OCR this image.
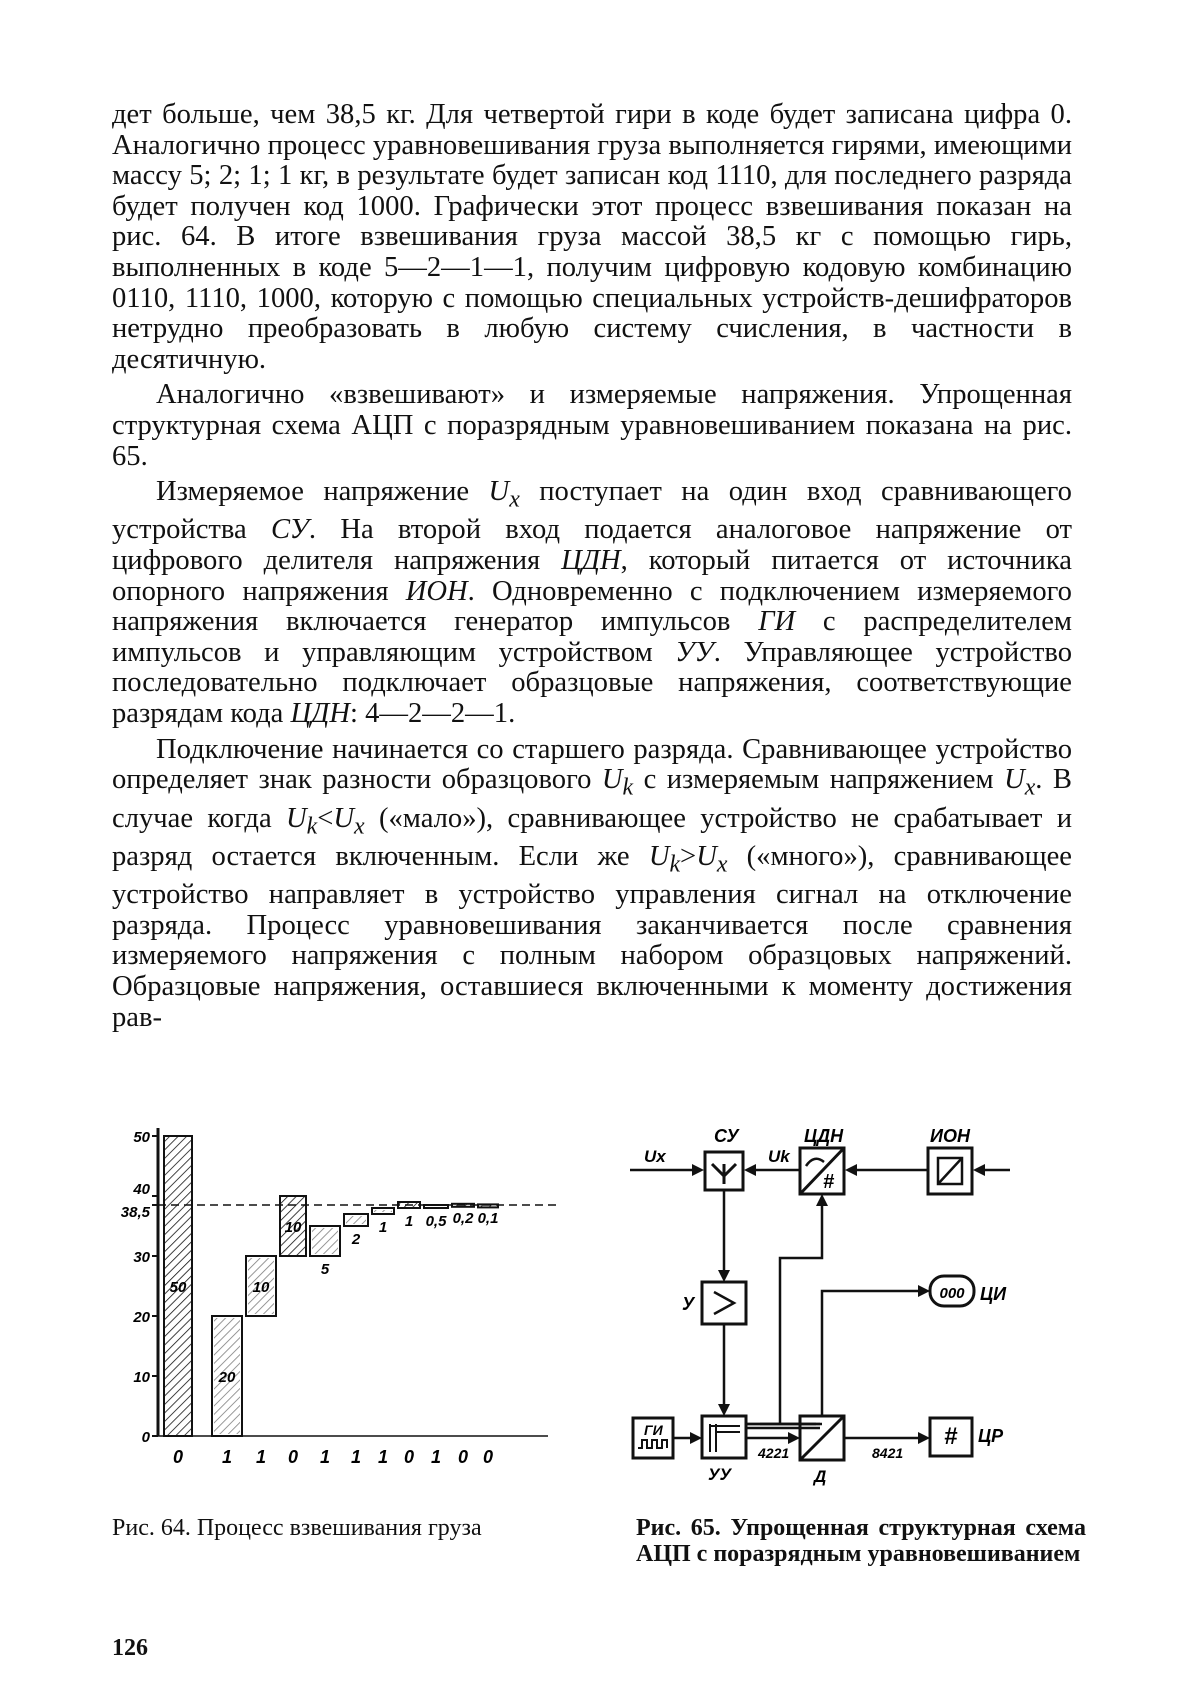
дет больше, чем 38,5 кг. Для четвертой гири в коде будет записана цифра 0. Аналогично процесс уравновешивания груза выполняется гирями, имеющими массу 5; 2; 1; 1 кг, в результате будет записан код 1110, для последнего разряда будет получен код 1000. Графически этот процесс взвешивания показан на рис. 64. В итоге взвешивания груза массой 38,5 кг с помощью гирь, выполненных в коде 5—2—1—1, получим цифровую кодовую комбинацию 0110, 1110, 1000, которую с помощью специальных устройств-дешифраторов нетрудно преобразовать в любую систему счисления, в частности в десятичную.

Аналогично «взвешивают» и измеряемые напряжения. Упрощенная структурная схема АЦП с поразрядным уравновешиванием показана на рис. 65.

Измеряемое напряжение $U_x$ поступает на один вход сравнивающего устройства СУ. На второй вход подается аналоговое напряжение от цифрового делителя напряжения ЦДН, который питается от источника опорного напряжения ИОН. Одновременно с подключением измеряемого напряжения включается генератор импульсов ГИ с распределителем импульсов и управляющим устройством УУ. Управляющее устройство последовательно подключает образцовые напряжения, соответствующие разрядам кода ЦДН: 4—2—2—1.

Подключение начинается со старшего разряда. Сравнивающее устройство определяет знак разности образцового $U_k$ с измеряемым напряжением $U_x$. В случае когда $U_k<U_x$ («мало»), сравнивающее устройство не срабатывает и разряд остается включенным. Если же $U_k>U_x$ («много»), сравнивающее устройство направляет в устройство управления сигнал на отключение разряда. Процесс уравновешивания заканчивается после сравнения измеряемого напряжения с полным набором образцовых напряжений. Образцовые напряжения, оставшиеся включенными к моменту достижения рав-

50
20
10
10
5
2
1 1 0,5 0,2 0,1
50
40
38,5
30
20
10
0
0 1 1 0 1 1 1 0 1 0 0
#
#
000
ГИ
СУ	ЦДН	ИОН
Ux	Uk
У	ЦИ
ЦР
УУ	Д
4221	8421
Рис. 64. Процесс взвешивания груза	Рис. 65. Упрощенная структурная схема АЦП с поразрядным уравновешиванием
126
